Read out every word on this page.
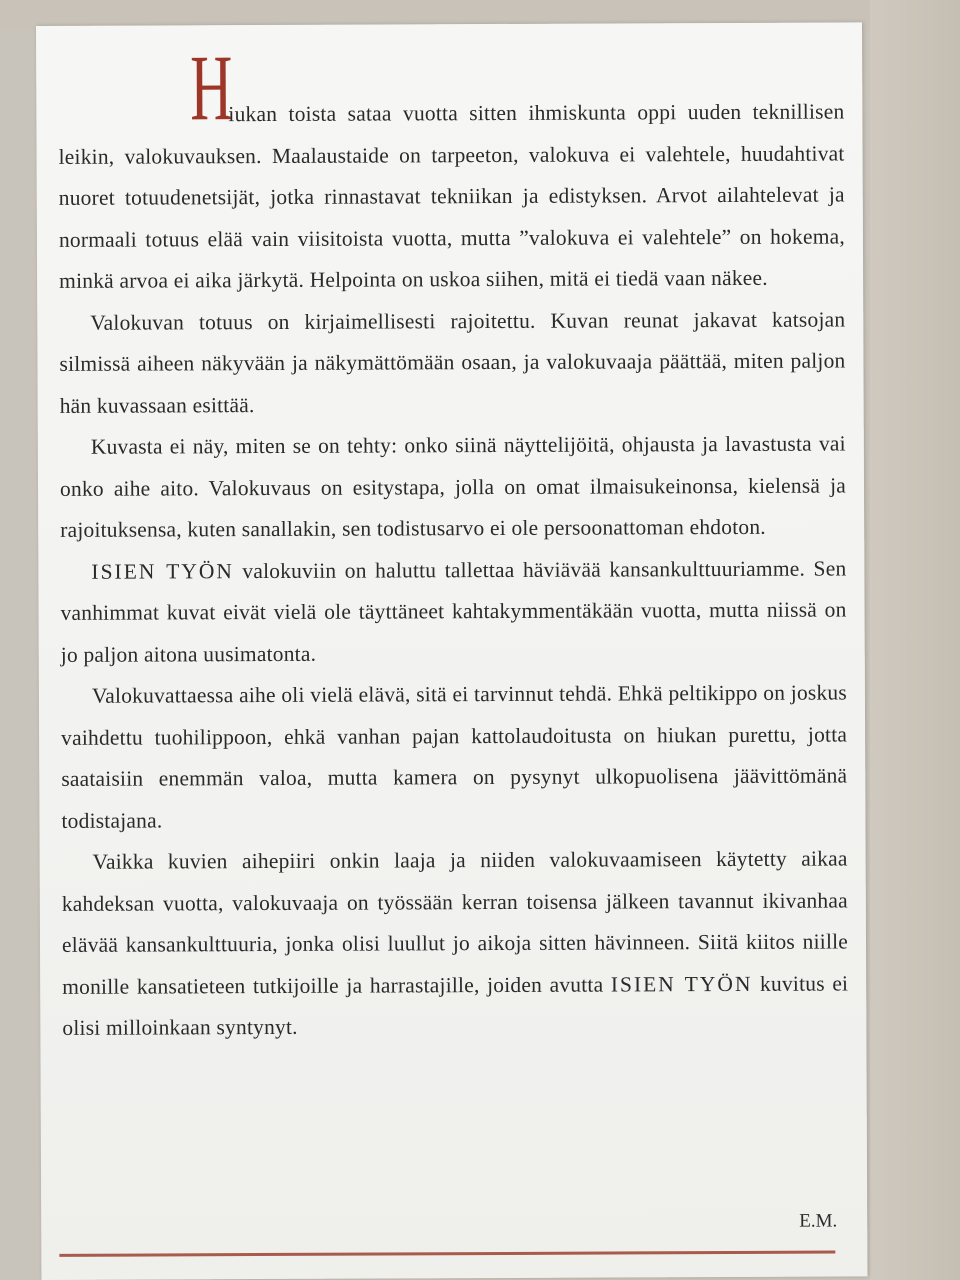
H
iukan toista sataa vuotta sitten ihmiskunta oppi uuden teknillisen leikin, valokuvauksen. Maalaustaide on tarpeeton, valokuva ei valehtele, huudahtivat nuoret totuudenetsijät, jotka rinnastavat tekniikan ja edistyksen. Arvot ailahtelevat ja normaali totuus elää vain viisitoista vuotta, mutta ”valokuva ei valehtele” on hokema, minkä arvoa ei aika järkytä. Helpointa on uskoa siihen, mitä ei tiedä vaan näkee.

Valokuvan totuus on kirjaimellisesti rajoitettu. Kuvan reunat jakavat katsojan silmissä aiheen näkyvään ja näkymättömään osaan, ja valokuvaaja päättää, miten paljon hän kuvassaan esittää.

Kuvasta ei näy, miten se on tehty: onko siinä näyttelijöitä, ohjausta ja lavastusta vai onko aihe aito. Valokuvaus on esitystapa, jolla on omat ilmaisukeinonsa, kielensä ja rajoituksensa, kuten sanallakin, sen todistusarvo ei ole persoonattoman ehdoton.

ISIEN TYÖN valokuviin on haluttu tallettaa häviävää kansankulttuuriamme. Sen vanhimmat kuvat eivät vielä ole täyttäneet kahtakymmentäkään vuotta, mutta niissä on jo paljon aitona uusimatonta.

Valokuvattaessa aihe oli vielä elävä, sitä ei tarvinnut tehdä. Ehkä peltikippo on joskus vaihdettu tuohilippoon, ehkä vanhan pajan kattolaudoitusta on hiukan purettu, jotta saataisiin enemmän valoa, mutta kamera on pysynyt ulkopuolisena jäävittömänä todistajana.

Vaikka kuvien aihepiiri onkin laaja ja niiden valokuvaamiseen käytetty aikaa kahdeksan vuotta, valokuvaaja on työssään kerran toisensa jälkeen tavannut ikivanhaa elävää kansankulttuuria, jonka olisi luullut jo aikoja sitten hävinneen. Siitä kiitos niille monille kansatieteen tutkijoille ja harrastajille, joiden avutta ISIEN TYÖN kuvitus ei olisi milloinkaan syntynyt.

E.M.
